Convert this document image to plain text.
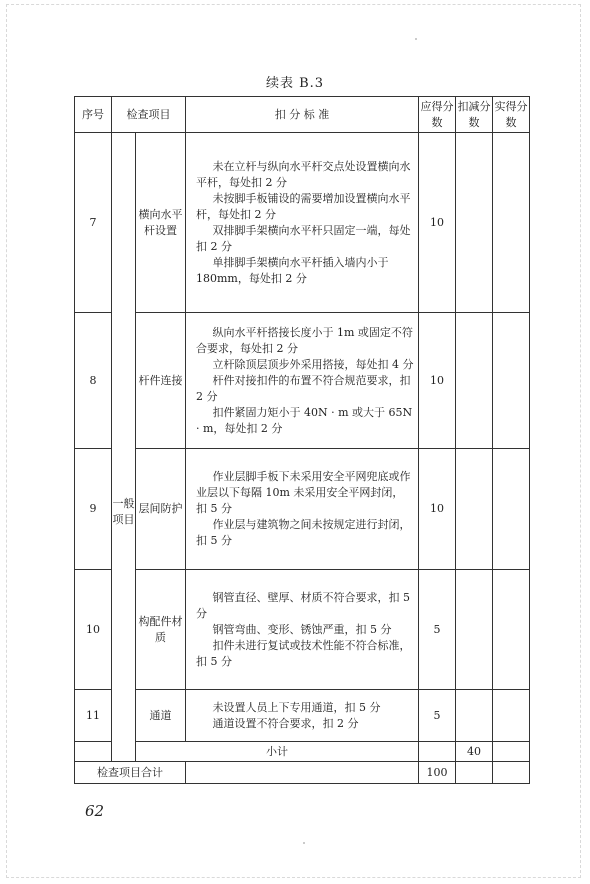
续表 B.3
序号	检查项目		扣 分 标 准	应得分数	扣减分数	实得分数	
7	一般项目	横向水平杆设置	未在立杆与纵向水平杆交点处设置横向水平杆，每处扣 2 分

未按脚手板铺设的需要增加设置横向水平杆，每处扣 2 分

双排脚手架横向水平杆只固定一端，每处扣 2 分

单排脚手架横向水平杆插入墙内小于 180mm，每处扣 2 分	10			
8		杆件连接	纵向水平杆搭接长度小于 1m 或固定不符合要求，每处扣 2 分

立杆除顶层顶步外采用搭接，每处扣 4 分

杆件对接扣件的布置不符合规范要求，扣 2 分

扣件紧固力矩小于 40N · m 或大于 65N · m，每处扣 2 分	10			
9		层间防护	作业层脚手板下未采用安全平网兜底或作业层以下每隔 10m 未采用安全平网封闭，扣 5 分

作业层与建筑物之间未按规定进行封闭，扣 5 分	10			
10		构配件材质	钢管直径、壁厚、材质不符合要求，扣 5 分

钢管弯曲、变形、锈蚀严重，扣 5 分

扣件未进行复试或技术性能不符合标准，扣 5 分	5			
11		通道	未设置人员上下专用通道，扣 5 分

通道设置不符合要求，扣 2 分	5			
		小计			40		
检查项目合计				100			
62
